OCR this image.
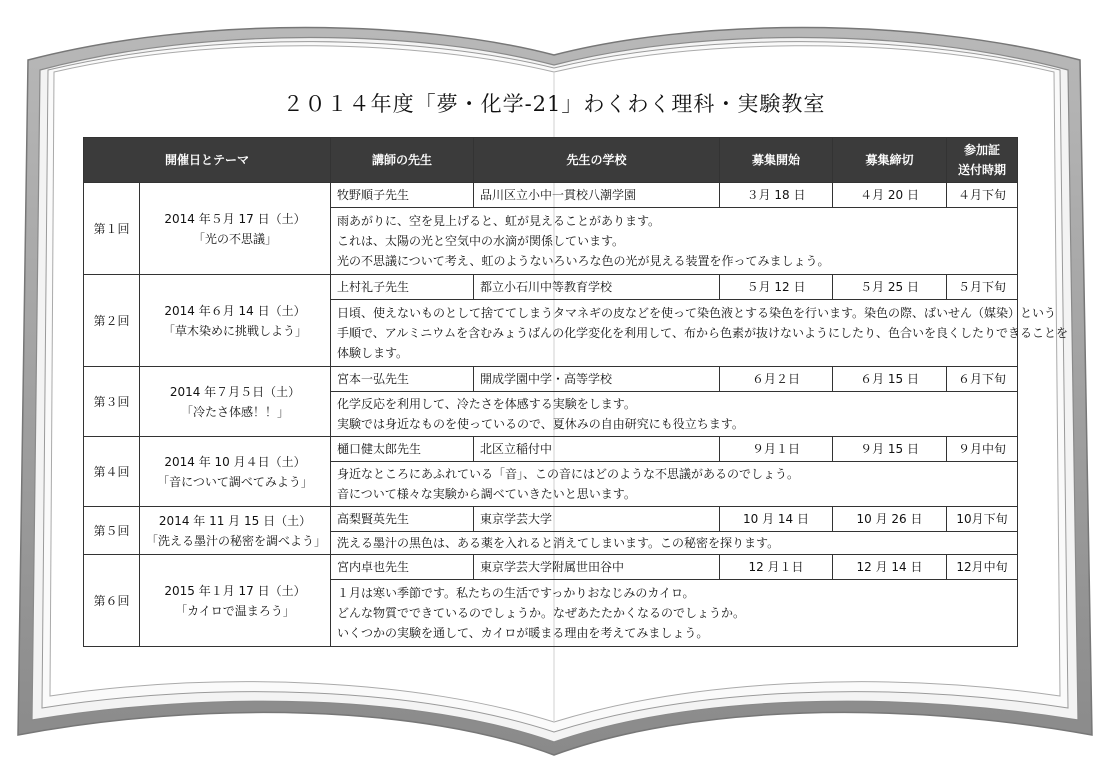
２０１４年度「夢・化学-21」わくわく理科・実験教室
開催日とテーマ		講師の先生	先生の学校	募集開始	募集締切	参加証
送付時期

第１回	2014 年５月 17 日（土）
「光の不思議」	牧野順子先生	品川区立小中一貫校八潮学園	３月 18 日	４月 20 日	４月下旬

		雨あがりに、空を見上げると、虹が見えることがあります。
これは、太陽の光と空気中の水滴が関係しています。
光の不思議について考え、虹のようないろいろな色の光が見える装置を作ってみましょう。				

第２回	2014 年６月 14 日（土）
「草木染めに挑戦しよう」	上村礼子先生	都立小石川中等教育学校	５月 12 日	５月 25 日	５月下旬

		日頃、使えないものとして捨ててしまうタマネギの皮などを使って染色液とする染色を行います。染色の際、ばいせん（媒染）という
手順で、アルミニウムを含むみょうばんの化学変化を利用して、布から色素が抜けないようにしたり、色合いを良くしたりできることを
体験します。				

第３回	2014 年７月５日（土）
「冷たさ体感！！」	宮本一弘先生	開成学園中学・高等学校	６月２日	６月 15 日	６月下旬

		化学反応を利用して、冷たさを体感する実験をします。
実験では身近なものを使っているので、夏休みの自由研究にも役立ちます。				

第４回	2014 年 10 月４日（土）
「音について調べてみよう」	樋口健太郎先生	北区立稲付中	９月１日	９月 15 日	９月中旬

		身近なところにあふれている「音」、この音にはどのような不思議があるのでしょう。
音について様々な実験から調べていきたいと思います。				

第５回	2014 年 11 月 15 日（土）
「洗える墨汁の秘密を調べよう」	高梨賢英先生	東京学芸大学	10 月 14 日	10 月 26 日	10月下旬

		洗える墨汁の黒色は、ある薬を入れると消えてしまいます。この秘密を探ります。				

第６回	2015 年１月 17 日（土）
「カイロで温まろう」	宮内卓也先生	東京学芸大学附属世田谷中	12 月１日	12 月 14 日	12月中旬

		１月は寒い季節です。私たちの生活ですっかりおなじみのカイロ。
どんな物質でできているのでしょうか。なぜあたたかくなるのでしょうか。
いくつかの実験を通して、カイロが暖まる理由を考えてみましょう。				
